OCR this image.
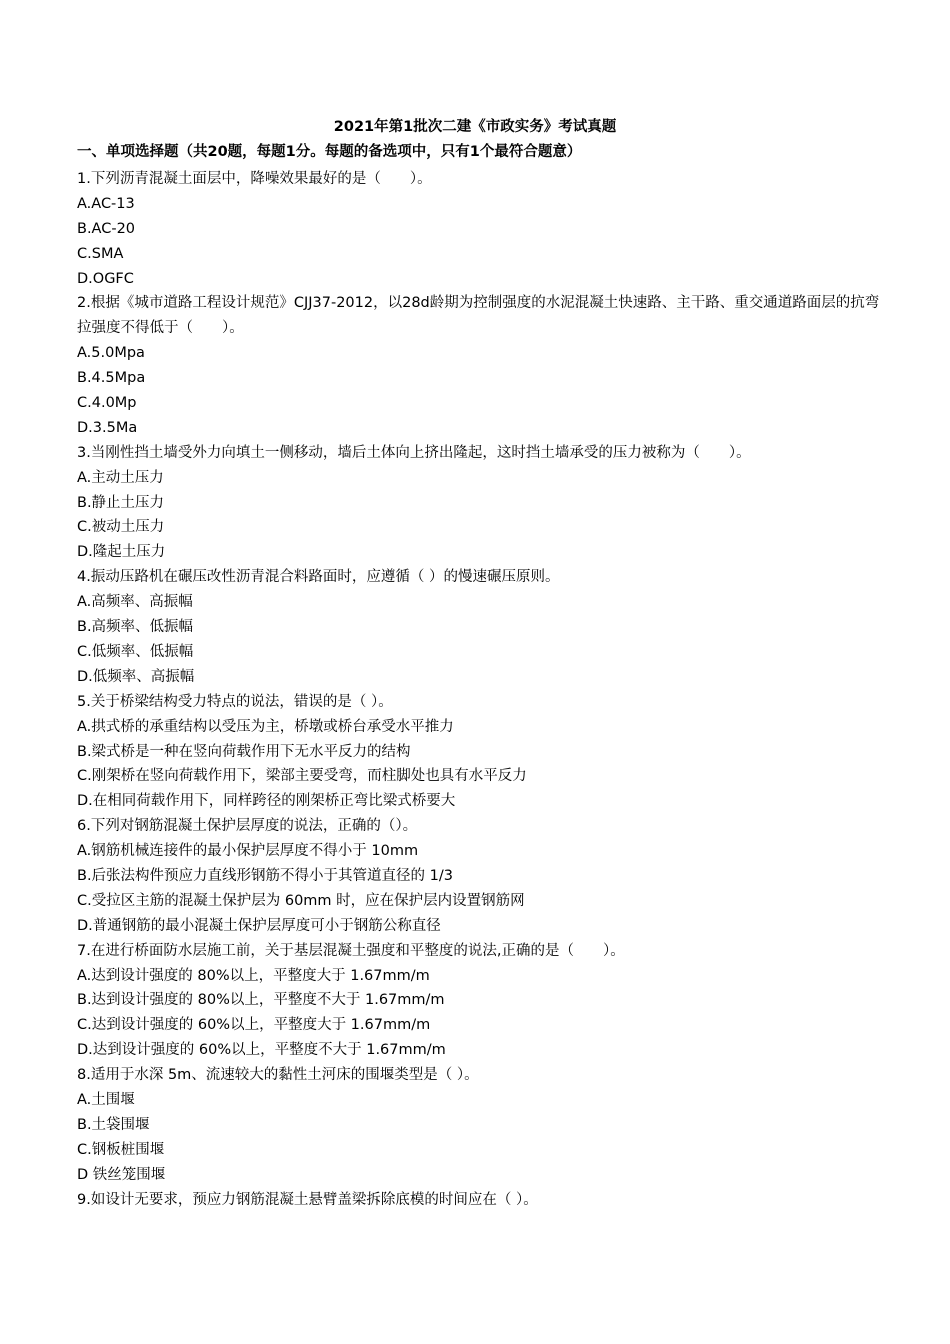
2021年第1批次二建《市政实务》考试真题
一、单项选择题（共20题，每题1分。每题的备选项中，只有1个最符合题意）
1.下列沥青混凝土面层中，降噪效果最好的是（　　）。
A.AC-13
B.AC-20
C.SMA
D.OGFC
2.根据《城市道路工程设计规范》CJJ37-2012，以28d龄期为控制强度的水泥混凝土快速路、主干路、重交通道路面层的抗弯拉强度不得低于（　　）。
A.5.0Mpa
B.4.5Mpa
C.4.0Mp
D.3.5Ma
3.当刚性挡土墙受外力向填土一侧移动，墙后土体向上挤出隆起，这时挡土墙承受的压力被称为（　　）。
A.主动土压力
B.静止土压力
C.被动土压力
D.隆起土压力
4.振动压路机在碾压改性沥青混合料路面时，应遵循（ ）的慢速碾压原则。
A.高频率、高振幅
B.高频率、低振幅
C.低频率、低振幅
D.低频率、高振幅
5.关于桥梁结构受力特点的说法，错误的是（ ）。
A.拱式桥的承重结构以受压为主，桥墩或桥台承受水平推力
B.梁式桥是一种在竖向荷载作用下无水平反力的结构
C.刚架桥在竖向荷载作用下，梁部主要受弯，而柱脚处也具有水平反力
D.在相同荷载作用下，同样跨径的刚架桥正弯比梁式桥要大
6.下列对钢筋混凝土保护层厚度的说法，正确的（）。
A.钢筋机械连接件的最小保护层厚度不得小于 10mm
B.后张法构件预应力直线形钢筋不得小于其管道直径的 1/3
C.受拉区主筋的混凝土保护层为 60mm 时，应在保护层内设置钢筋网
D.普通钢筋的最小混凝土保护层厚度可小于钢筋公称直径
7.在进行桥面防水层施工前，关于基层混凝土强度和平整度的说法,正确的是（　　）。
A.达到设计强度的 80%以上，平整度大于 1.67mm/m
B.达到设计强度的 80%以上，平整度不大于 1.67mm/m
C.达到设计强度的 60%以上，平整度大于 1.67mm/m
D.达到设计强度的 60%以上，平整度不大于 1.67mm/m
8.适用于水深 5m、流速较大的黏性土河床的围堰类型是（ ）。
A.土围堰
B.土袋围堰
C.钢板桩围堰
D 铁丝笼围堰
9.如设计无要求，预应力钢筋混凝土悬臂盖梁拆除底模的时间应在（ ）。
